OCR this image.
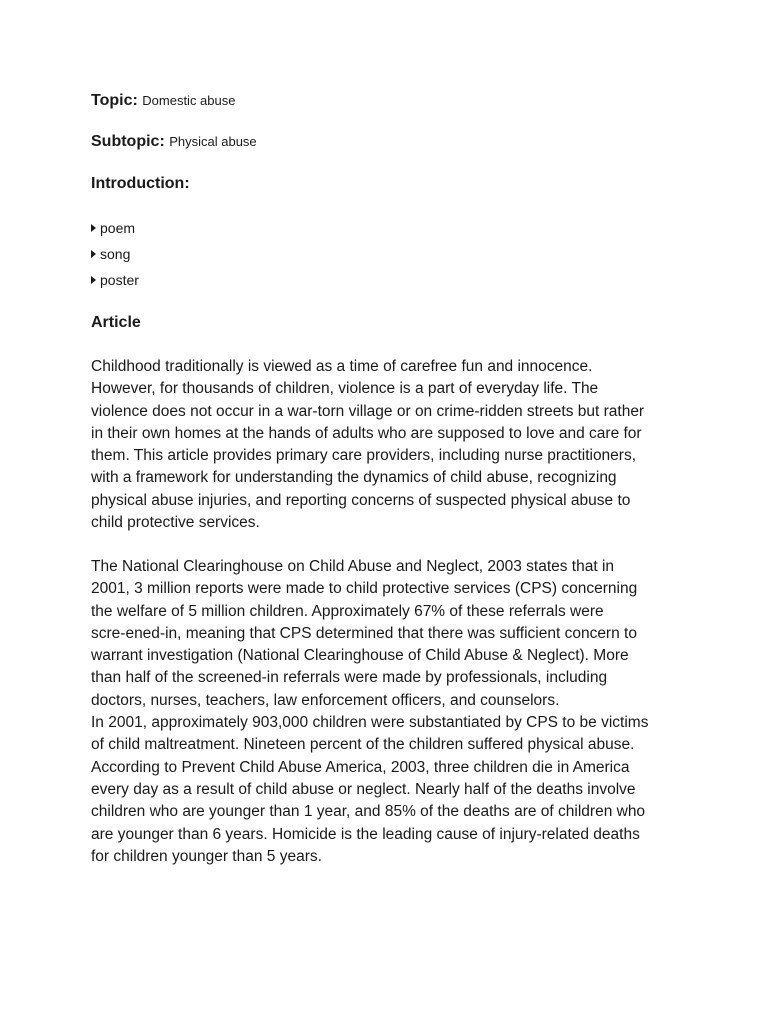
Topic: Domestic abuse
Subtopic: Physical abuse
Introduction:
poem
song
poster
Article

Childhood traditionally is viewed as a time of carefree fun and innocence.
However, for thousands of children, violence is a part of everyday life. The
violence does not occur in a war-torn village or on crime-ridden streets but rather
in their own homes at the hands of adults who are supposed to love and care for
them. This article provides primary care providers, including nurse practitioners,
with a framework for understanding the dynamics of child abuse, recognizing
physical abuse injuries, and reporting concerns of suspected physical abuse to
child protective services.

The National Clearinghouse on Child Abuse and Neglect, 2003 states that in
2001, 3 million reports were made to child protective services (CPS) concerning
the welfare of 5 million children. Approximately 67% of these referrals were
scre-ened-in, meaning that CPS determined that there was sufficient concern to
warrant investigation (National Clearinghouse of Child Abuse & Neglect). More
than half of the screened-in referrals were made by professionals, including
doctors, nurses, teachers, law enforcement officers, and counselors.
In 2001, approximately 903,000 children were substantiated by CPS to be victims
of child maltreatment. Nineteen percent of the children suffered physical abuse.
According to Prevent Child Abuse America, 2003, three children die in America
every day as a result of child abuse or neglect. Nearly half of the deaths involve
children who are younger than 1 year, and 85% of the deaths are of children who
are younger than 6 years. Homicide is the leading cause of injury-related deaths
for children younger than 5 years.
